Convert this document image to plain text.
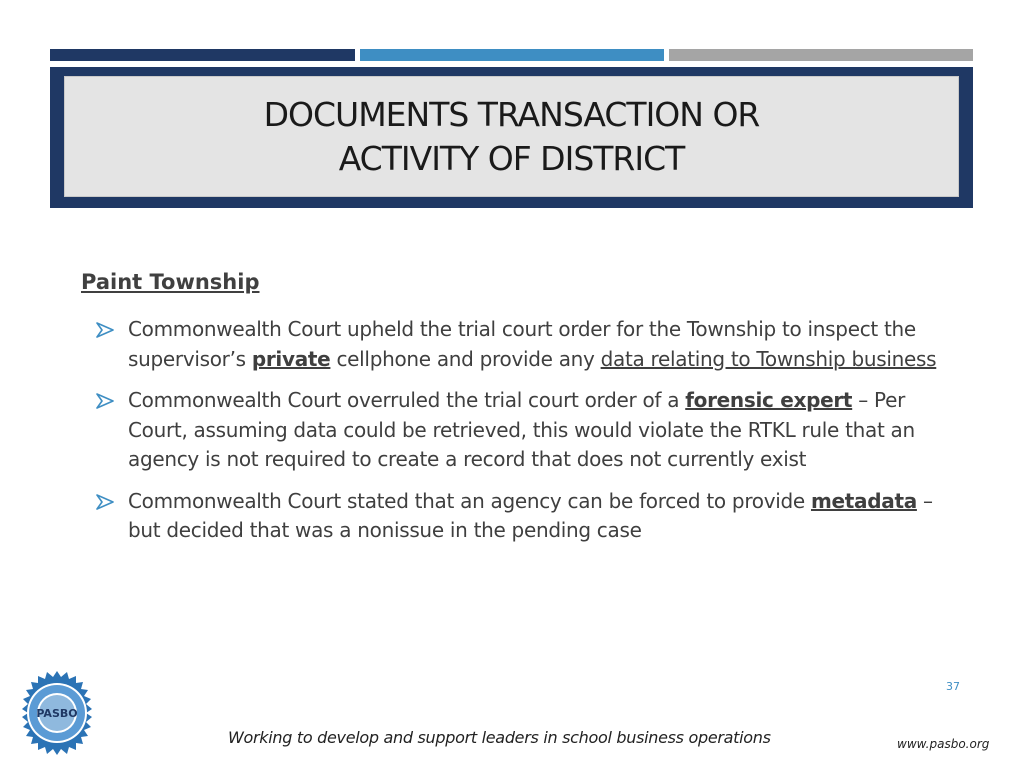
DOCUMENTS TRANSACTION OR
ACTIVITY OF DISTRICT
Paint Township
Commonwealth Court upheld the trial court order for the Township to inspect the supervisor’s private cellphone and provide any data relating to Township business
Commonwealth Court overruled the trial court order of a forensic expert – Per Court, assuming data could be retrieved, this would violate the RTKL rule that an agency is not required to create a record that does not currently exist
Commonwealth Court stated that an agency can be forced to provide metadata – but decided that was a nonissue in the pending case
PASBO
37
Working to develop and support leaders in school business operations	www.pasbo.org
